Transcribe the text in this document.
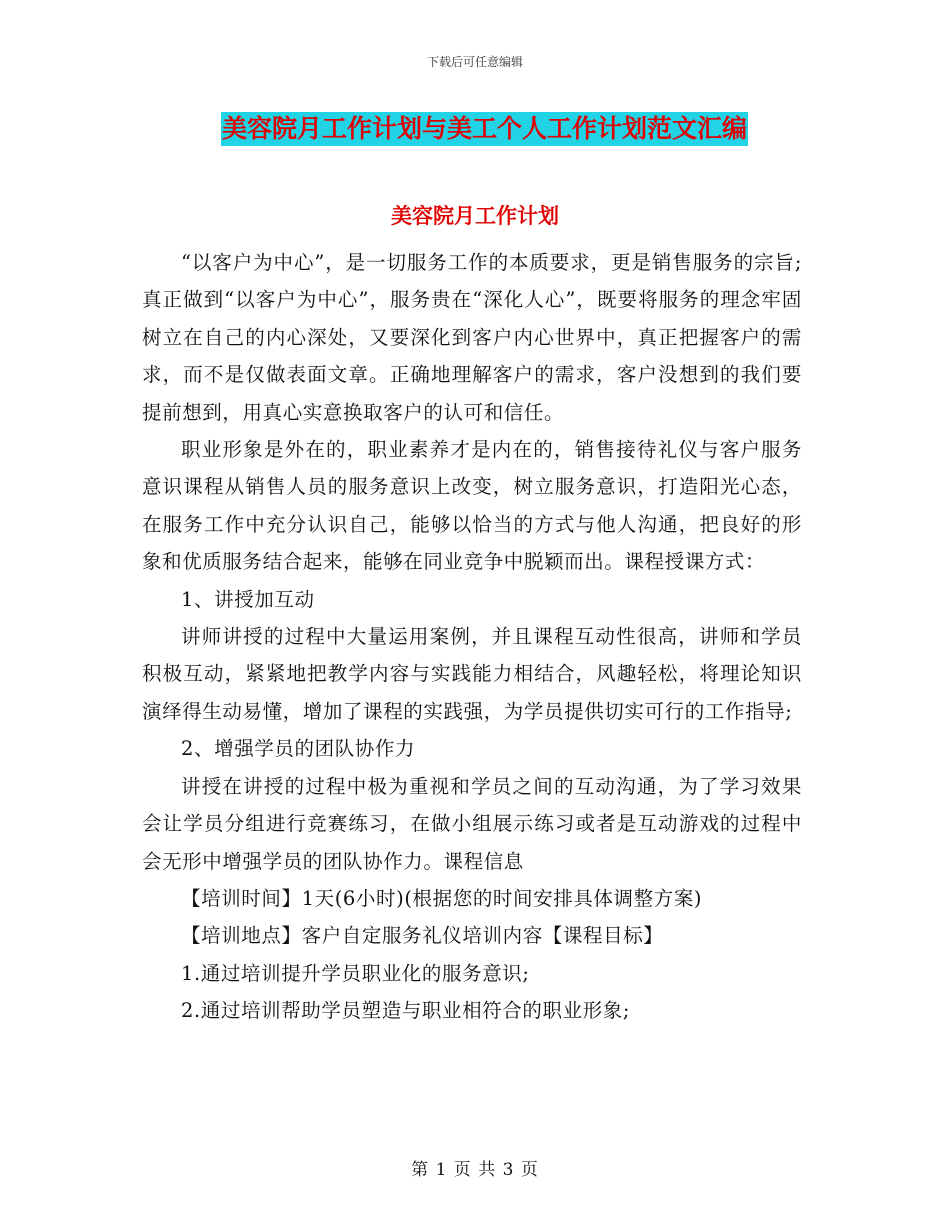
下载后可任意编辑
美容院月工作计划与美工个人工作计划范文汇编
美容院月工作计划

“以客户为中心”，是一切服务工作的本质要求，更是销售服务的宗旨;真正做到“以客户为中心”，服务贵在“深化人心”，既要将服务的理念牢固树立在自己的内心深处，又要深化到客户内心世界中，真正把握客户的需求，而不是仅做表面文章。正确地理解客户的需求，客户没想到的我们要提前想到，用真心实意换取客户的认可和信任。

职业形象是外在的，职业素养才是内在的，销售接待礼仪与客户服务意识课程从销售人员的服务意识上改变，树立服务意识，打造阳光心态，在服务工作中充分认识自己，能够以恰当的方式与他人沟通，把良好的形象和优质服务结合起来，能够在同业竞争中脱颖而出。课程授课方式：

1、讲授加互动

讲师讲授的过程中大量运用案例，并且课程互动性很高，讲师和学员积极互动，紧紧地把教学内容与实践能力相结合，风趣轻松，将理论知识演绎得生动易懂，增加了课程的实践强，为学员提供切实可行的工作指导;

2、增强学员的团队协作力

讲授在讲授的过程中极为重视和学员之间的互动沟通，为了学习效果会让学员分组进行竞赛练习，在做小组展示练习或者是互动游戏的过程中会无形中增强学员的团队协作力。课程信息

【培训时间】1天(6小时)(根据您的时间安排具体调整方案)

【培训地点】客户自定服务礼仪培训内容【课程目标】

1.通过培训提升学员职业化的服务意识;

2.通过培训帮助学员塑造与职业相符合的职业形象;

第 1 页 共 3 页
